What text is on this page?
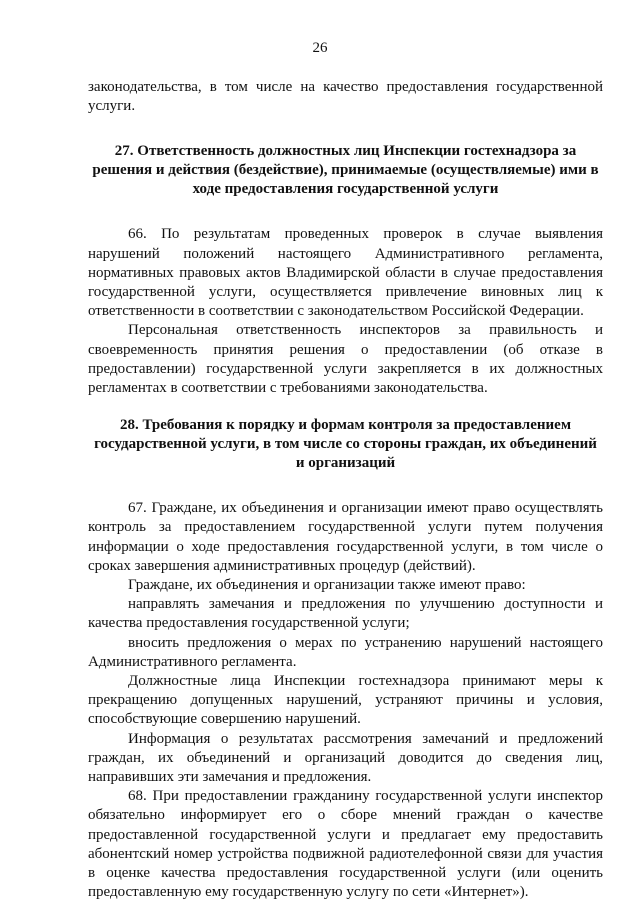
26

законодательства, в том числе на качество предоставления государственной услуги.

27. Ответственность должностных лиц Инспекции гостехнадзора за решения и действия (бездействие), принимаемые (осуществляемые) ими в ходе предоставления государственной услуги

66. По результатам проведенных проверок в случае выявления нарушений положений настоящего Административного регламента, нормативных правовых актов Владимирской области в случае предоставления государственной услуги, осуществляется привлечение виновных лиц к ответственности в соответствии с законодательством Российской Федерации.

Персональная ответственность инспекторов за правильность и своевременность принятия решения о предоставлении (об отказе в предоставлении) государственной услуги закрепляется в их должностных регламентах в соответствии с требованиями законодательства.

28. Требования к порядку и формам контроля за предоставлением государственной услуги, в том числе со стороны граждан, их объединений и организаций

67. Граждане, их объединения и организации имеют право осуществлять контроль за предоставлением государственной услуги путем получения информации о ходе предоставления государственной услуги, в том числе о сроках завершения административных процедур (действий).

Граждане, их объединения и организации также имеют право:

направлять замечания и предложения по улучшению доступности и качества предоставления государственной услуги;

вносить предложения о мерах по устранению нарушений настоящего Административного регламента.

Должностные лица Инспекции гостехнадзора принимают меры к прекращению допущенных нарушений, устраняют причины и условия, способствующие совершению нарушений.

Информация о результатах рассмотрения замечаний и предложений граждан, их объединений и организаций доводится до сведения лиц, направивших эти замечания и предложения.

68. При предоставлении гражданину государственной услуги инспектор обязательно информирует его о сборе мнений граждан о качестве предоставленной государственной услуги и предлагает ему предоставить абонентский номер устройства подвижной радиотелефонной связи для участия в оценке качества предоставления государственной услуги (или оценить предоставленную ему государственную услугу по сети «Интернет»).
